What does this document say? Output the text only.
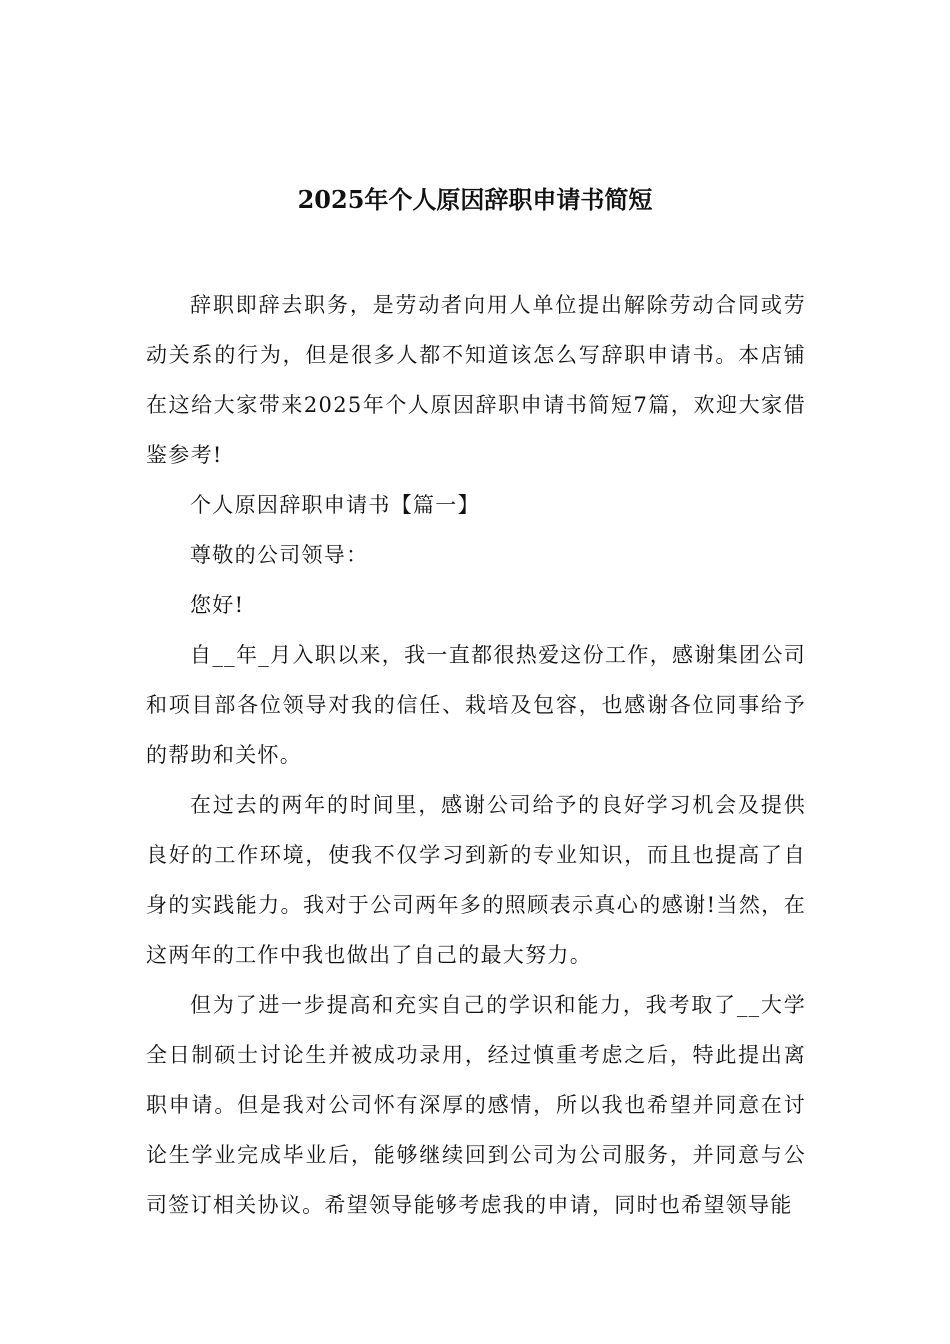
2025年个人原因辞职申请书简短

辞职即辞去职务，是劳动者向用人单位提出解除劳动合同或劳动关系的行为，但是很多人都不知道该怎么写辞职申请书。本店铺在这给大家带来2025年个人原因辞职申请书简短7篇，欢迎大家借鉴参考!

个人原因辞职申请书【篇一】

尊敬的公司领导：

您好!

自__年_月入职以来，我一直都很热爱这份工作，感谢集团公司和项目部各位领导对我的信任、栽培及包容，也感谢各位同事给予的帮助和关怀。

在过去的两年的时间里，感谢公司给予的良好学习机会及提供良好的工作环境，使我不仅学习到新的专业知识，而且也提高了自身的实践能力。我对于公司两年多的照顾表示真心的感谢!当然，在这两年的工作中我也做出了自己的最大努力。

但为了进一步提高和充实自己的学识和能力，我考取了__大学全日制硕士讨论生并被成功录用，经过慎重考虑之后，特此提出离职申请。但是我对公司怀有深厚的感情，所以我也希望并同意在讨论生学业完成毕业后，能够继续回到公司为公司服务，并同意与公司签订相关协议。希望领导能够考虑我的申请，同时也希望领导能
